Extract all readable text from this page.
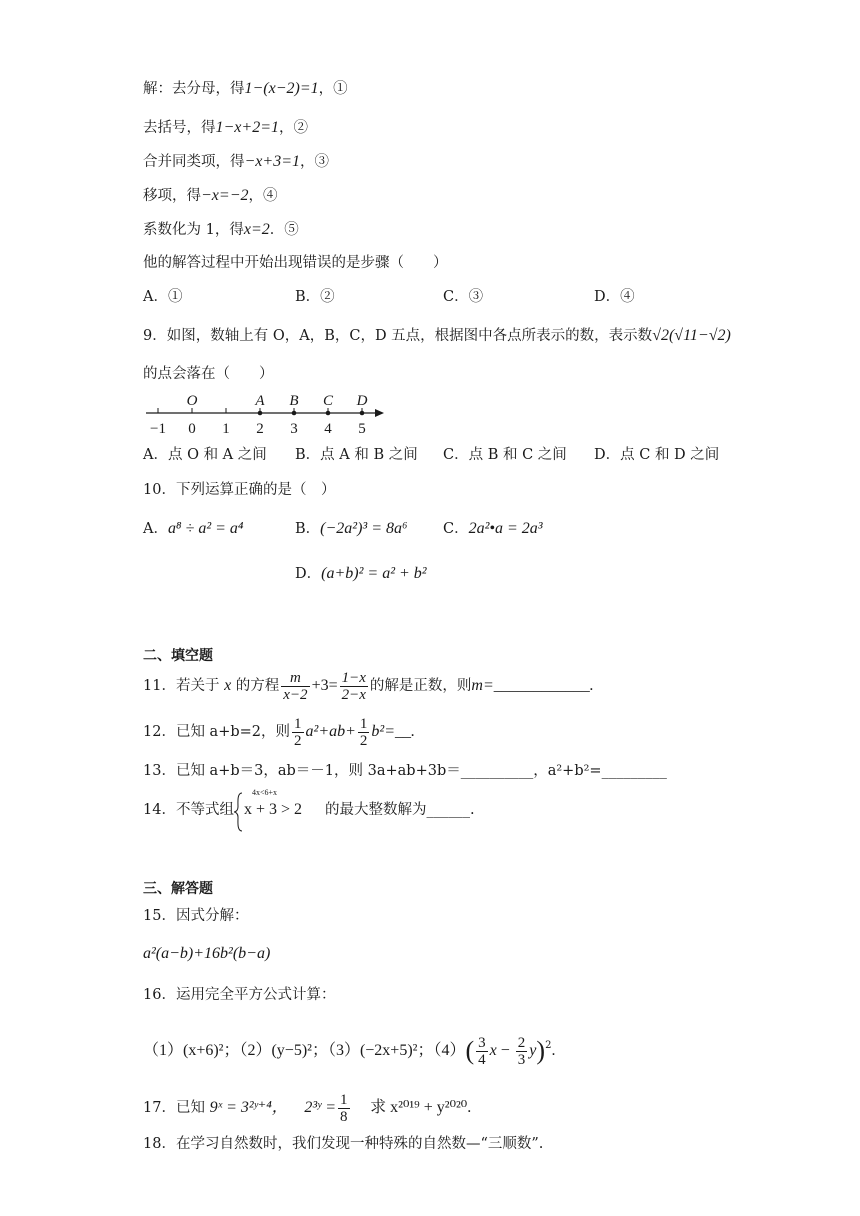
解：去分母，得1−(x−2)=1，①
去括号，得1−x+2=1，②
合并同类项，得−x+3=1，③
移项，得−x=−2，④
系数化为 1，得x=2．⑤
他的解答过程中开始出现错误的是步骤（　　）
A．①	B．②	C．③	D．④
9．如图，数轴上有 O，A，B，C，D 五点，根据图中各点所表示的数，表示数√2(√11−√2)
的点会落在（　　）
O	A B C D
−1 0 1 2 3 4 5
A．点 O 和 A 之间 B．点 A 和 B 之间 C．点 B 和 C 之间 D．点 C 和 D 之间
10．下列运算正确的是（　）
A．a⁸ ÷ a² = a⁴	B．(−2a²)³ = 8a⁶ C．2a²•a = 2a³
D．(a+b)² = a² + b²
二、填空题
11．若关于 x 的方程 $\frac{m}{x-2} +3= \frac{1-x}{2-x}$ 的解是正数，则m=____________.
12．已知 a+b=2，则 $\frac{1}{2} a^2+ab+ \frac{1}{2}$ b²=__.
13．已知 a+b＝3，ab＝－1，则 3a+ab+3b＝__________，a²+b²=_________
14．不等式组
4x<6+x
x + 3 > 2 的最大整数解为______.
三、解答题
15．因式分解：
a²(a−b)+16b²(b−a)
16．运用完全平方公式计算：
（1）(x+6)²；（2）(y−5)²；（3）(−2x+5)²；$(4)( \frac{3}{4}$ $x - \frac{2}{3} y)^2$.
17．已知 9ˣ = 3²ʸ⁺⁴， 2³ʸ = $\frac{1}{8}$ 求 x²⁰¹⁹ + y²⁰²⁰.
18．在学习自然数时，我们发现一种特殊的自然数—“三顺数”.
